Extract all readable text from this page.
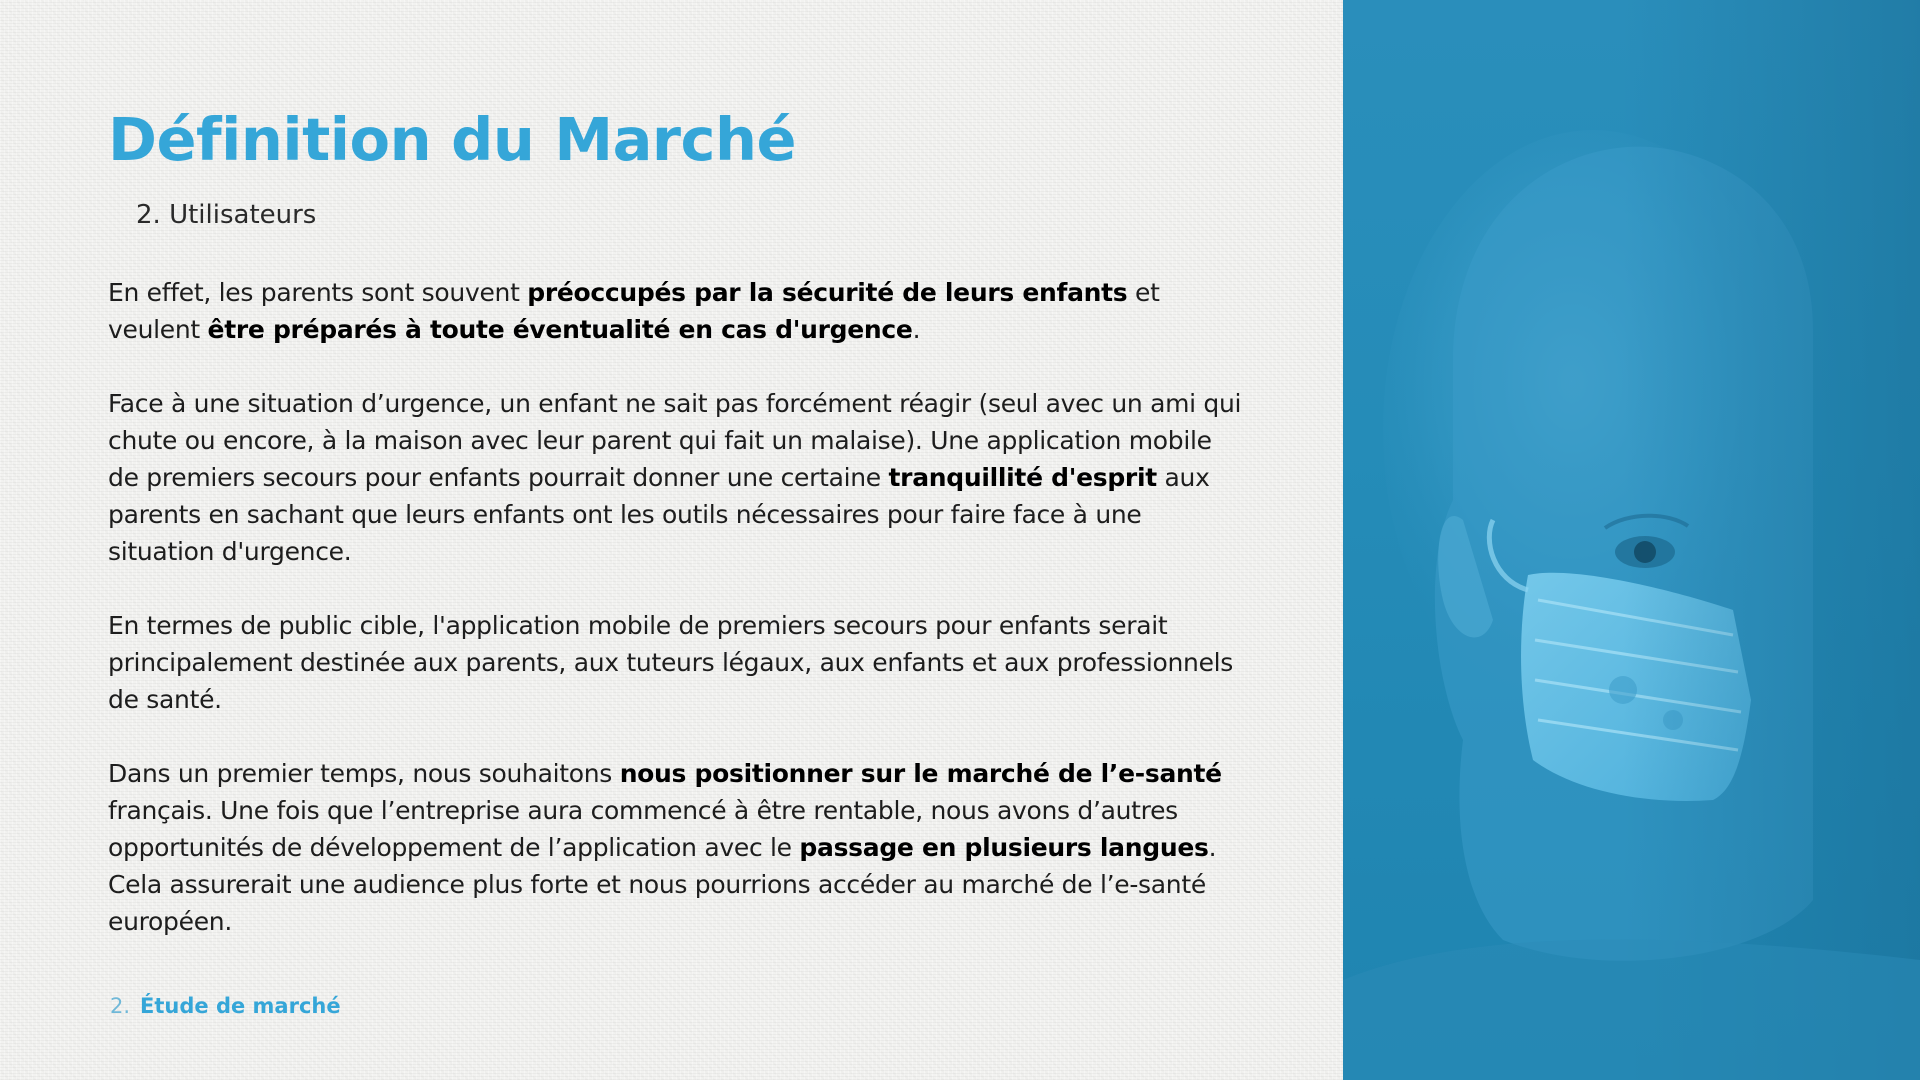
Définition du Marché
2. Utilisateurs

En effet, les parents sont souvent préoccupés par la sécurité de leurs enfants et veulent être préparés à toute éventualité en cas d'urgence.

Face à une situation d’urgence, un enfant ne sait pas forcément réagir (seul avec un ami qui chute ou encore, à la maison avec leur parent qui fait un malaise). Une application mobile de premiers secours pour enfants pourrait donner une certaine tranquillité d'esprit aux parents en sachant que leurs enfants ont les outils nécessaires pour faire face à une situation d'urgence.

En termes de public cible, l'application mobile de premiers secours pour enfants serait principalement destinée aux parents, aux tuteurs légaux, aux enfants et aux professionnels de santé.

Dans un premier temps, nous souhaitons nous positionner sur le marché de l’e-santé français. Une fois que l’entreprise aura commencé à être rentable, nous avons d’autres opportunités de développement de l’application avec le passage en plusieurs langues. Cela assurerait une audience plus forte et nous pourrions accéder au marché de l’e-santé européen.

2. Étude de marché
